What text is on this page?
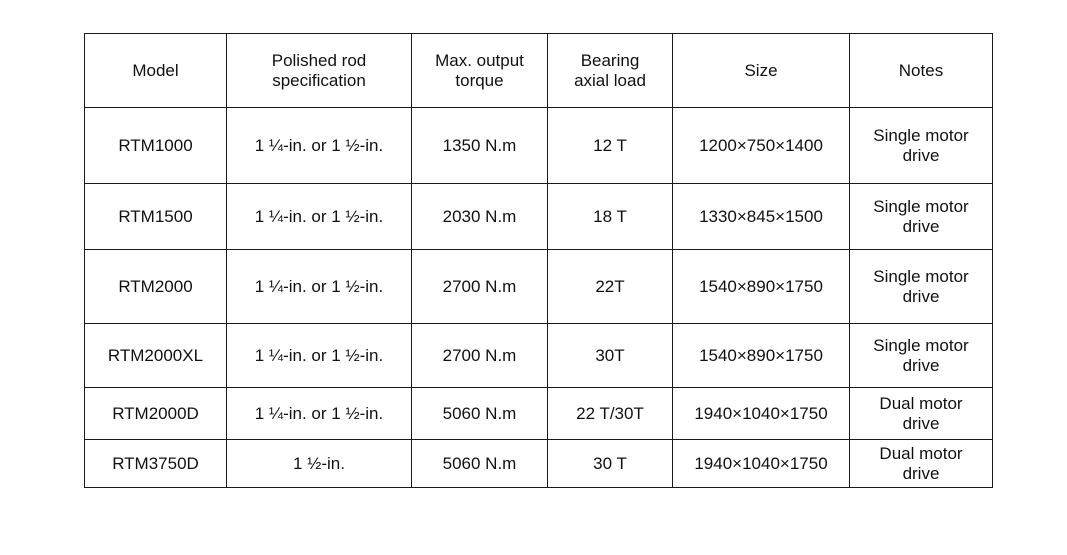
Model	Polished rod specification	Max. output torque	Bearing axial load	Size	Notes
RTM1000	1 ¼-in. or 1 ½-in.	1350 N.m	12 T	1200×750×1400	Single motor drive
RTM1500	1 ¼-in. or 1 ½-in.	2030 N.m	18 T	1330×845×1500	Single motor drive
RTM2000	1 ¼-in. or 1 ½-in.	2700 N.m	22T	1540×890×1750	Single motor drive
RTM2000XL	1 ¼-in. or 1 ½-in.	2700 N.m	30T	1540×890×1750	Single motor drive
RTM2000D	1 ¼-in. or 1 ½-in.	5060 N.m	22 T/30T	1940×1040×1750	Dual motor drive
RTM3750D	1 ½-in.	5060 N.m	30 T	1940×1040×1750	Dual motor drive
